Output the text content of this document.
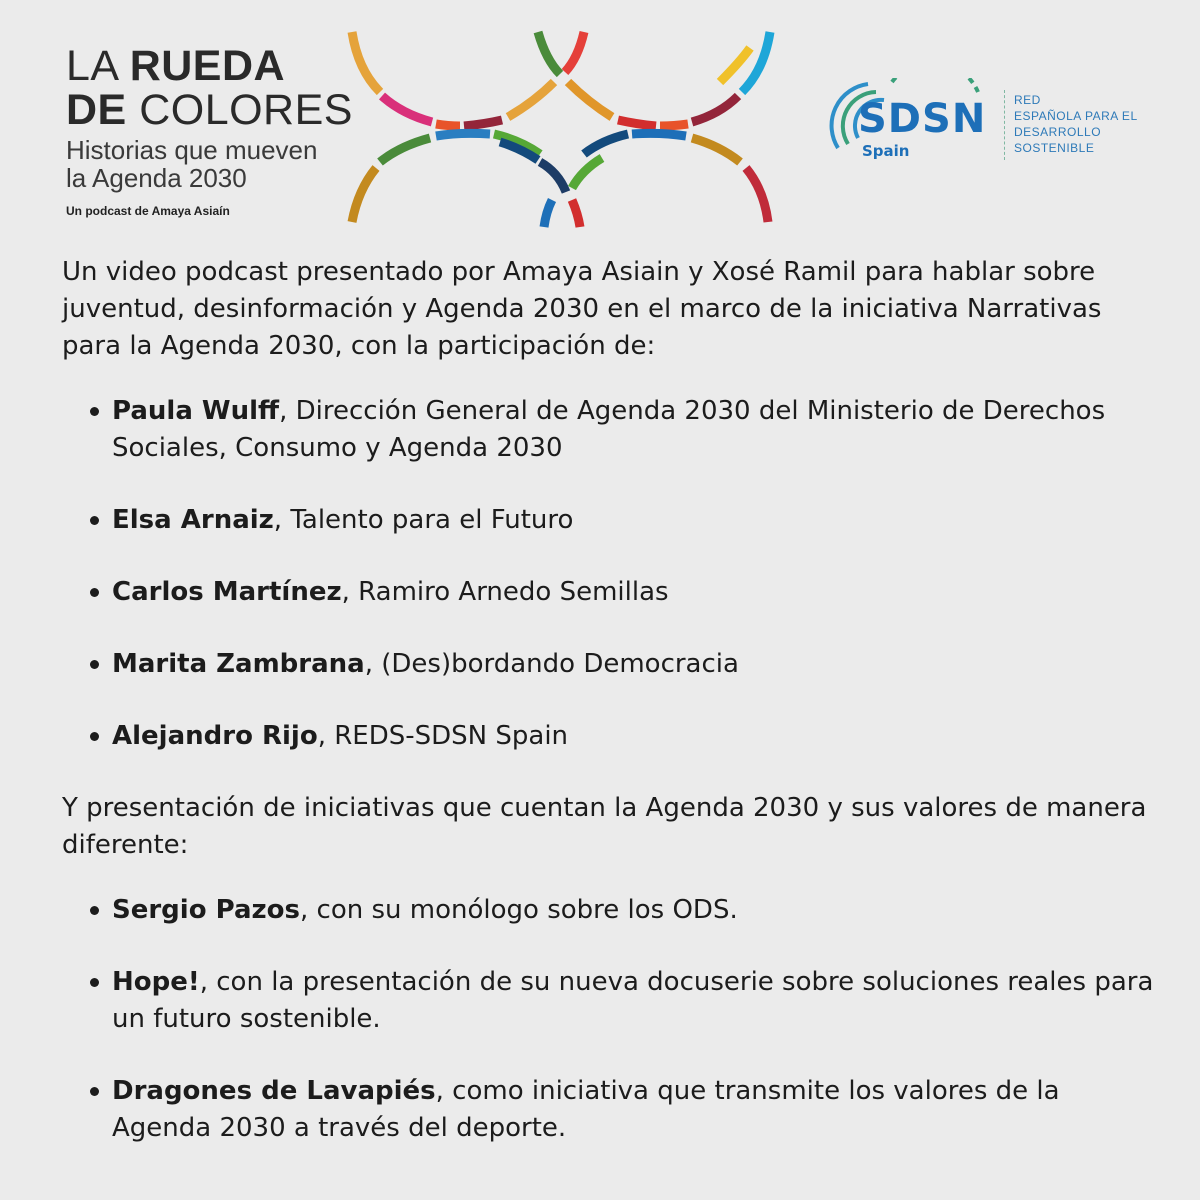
LA RUEDA
DE COLORES
Historias que mueven
la Agenda 2030
Un podcast de Amaya Asiaín
SDSN
Spain
RED
ESPAÑOLA PARA EL
DESARROLLO
SOSTENIBLE

Un video podcast presentado por Amaya Asiain y Xosé Ramil para hablar sobre juventud, desinformación y Agenda 2030 en el marco de la iniciativa Narrativas para la Agenda 2030, con la participación de:

Paula Wulff, Dirección General de Agenda 2030 del Ministerio de Derechos Sociales, Consumo y Agenda 2030
Elsa Arnaiz, Talento para el Futuro
Carlos Martínez, Ramiro Arnedo Semillas
Marita Zambrana, (Des)bordando Democracia
Alejandro Rijo, REDS-SDSN Spain

Y presentación de iniciativas que cuentan la Agenda 2030 y sus valores de manera diferente:

Sergio Pazos, con su monólogo sobre los ODS.
Hope!, con la presentación de su nueva docuserie sobre soluciones reales para un futuro sostenible.
Dragones de Lavapiés, como iniciativa que transmite los valores de la Agenda 2030 a través del deporte.
